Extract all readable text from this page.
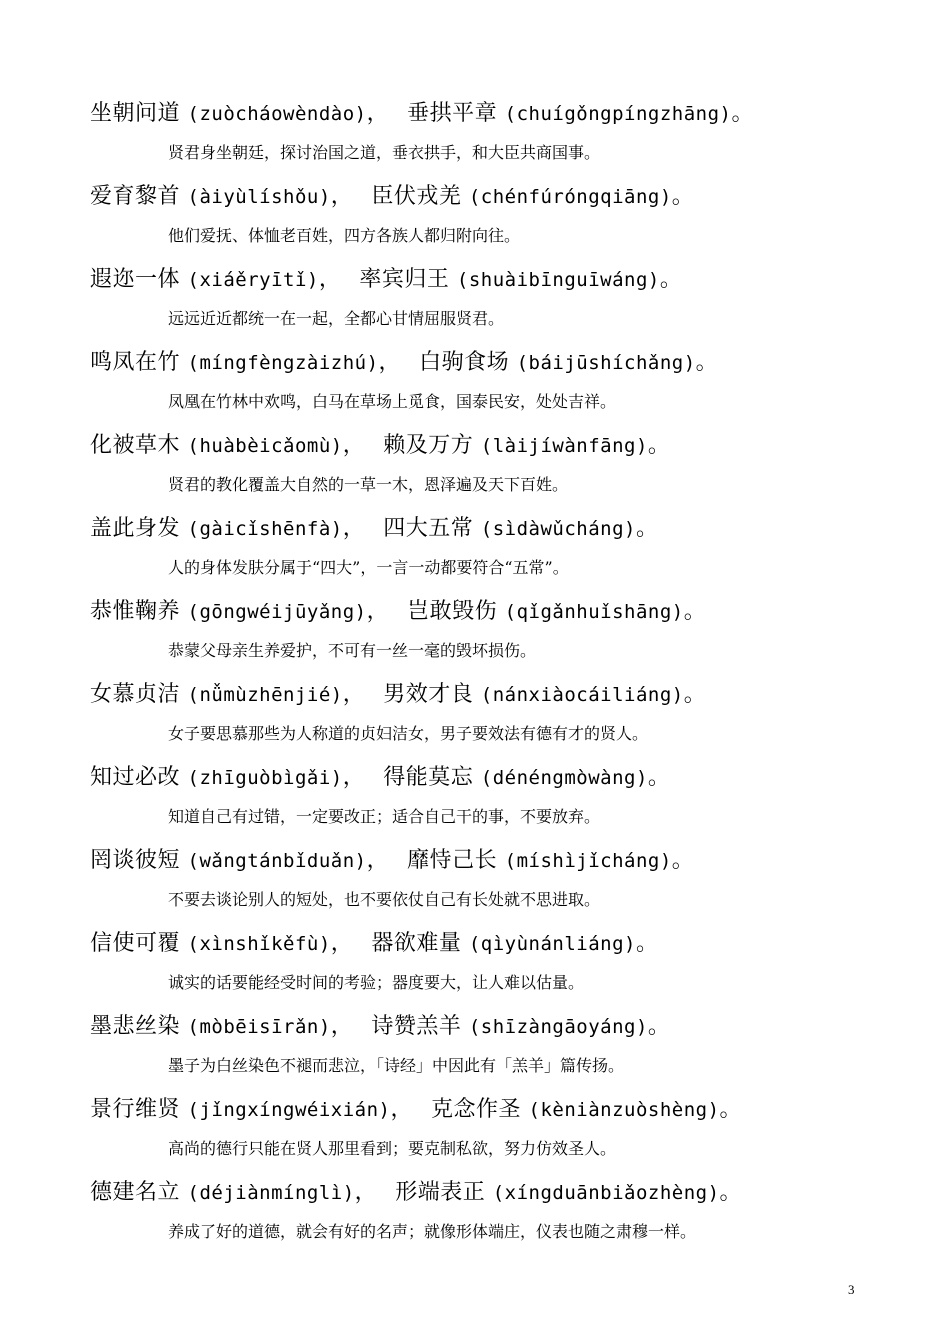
坐朝问道 (zuòcháowèndào)， 垂拱平章 (chuígǒngpíngzhāng)。
贤君身坐朝廷，探讨治国之道，垂衣拱手，和大臣共商国事。
爱育黎首 (àiyùlíshǒu)， 臣伏戎羌 (chénfúróngqiāng)。
他们爱抚、体恤老百姓，四方各族人都归附向往。
遐迩一体 (xiáěryītǐ)， 率宾归王 (shuàibīnguīwáng)。
远远近近都统一在一起，全都心甘情屈服贤君。
鸣凤在竹 (míngfèngzàizhú)， 白驹食场 (báijūshíchǎng)。
凤凰在竹林中欢鸣，白马在草场上觅食，国泰民安，处处吉祥。
化被草木 (huàbèicǎomù)， 赖及万方 (làijíwànfāng)。
贤君的教化覆盖大自然的一草一木，恩泽遍及天下百姓。
盖此身发 (gàicǐshēnfà)， 四大五常 (sìdàwǔcháng)。
人的身体发肤分属于“四大”，一言一动都要符合“五常”。
恭惟鞠养 (gōngwéijūyǎng)， 岂敢毁伤 (qǐgǎnhuǐshāng)。
恭蒙父母亲生养爱护，不可有一丝一毫的毁坏损伤。
女慕贞洁 (nǚmùzhēnjié)， 男效才良 (nánxiàocáiliáng)。
女子要思慕那些为人称道的贞妇洁女，男子要效法有德有才的贤人。
知过必改 (zhīguòbìgǎi)， 得能莫忘 (dénéngmòwàng)。
知道自己有过错，一定要改正；适合自己干的事，不要放弃。
罔谈彼短 (wǎngtánbǐduǎn)， 靡恃己长 (míshìjǐcháng)。
不要去谈论别人的短处，也不要依仗自己有长处就不思进取。
信使可覆 (xìnshǐkěfù)， 器欲难量 (qìyùnánliáng)。
诚实的话要能经受时间的考验；器度要大，让人难以估量。
墨悲丝染 (mòbēisīrǎn)， 诗赞羔羊 (shīzàngāoyáng)。
墨子为白丝染色不褪而悲泣，「诗经」中因此有「羔羊」篇传扬。
景行维贤 (jǐngxíngwéixián)， 克念作圣 (kèniànzuòshèng)。
高尚的德行只能在贤人那里看到；要克制私欲，努力仿效圣人。
德建名立 (déjiànmínglì)， 形端表正 (xíngduānbiǎozhèng)。
养成了好的道德，就会有好的名声；就像形体端庄，仪表也随之肃穆一样。
3
